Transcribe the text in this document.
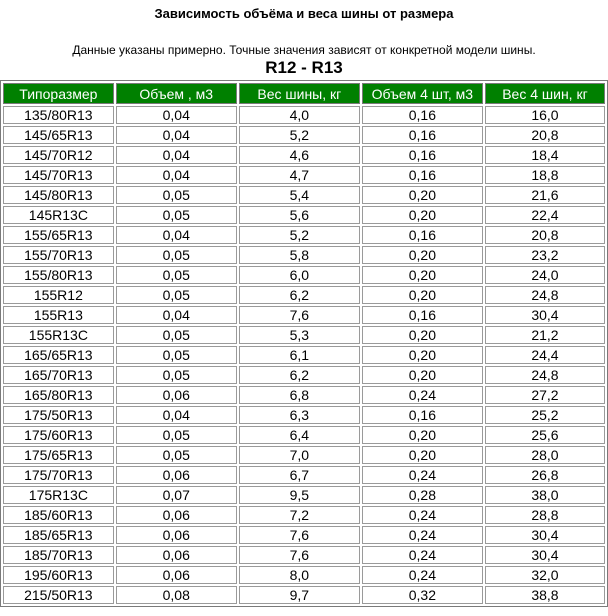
Зависимость объёма и веса шины от размера
Данные указаны примерно. Точные значения зависят от конкретной модели шины.
R12 - R13
Типоразмер	Объем , м3	Вес шины, кг	Объем 4 шт, м3	Вес 4 шин, кг
135/80R13	0,04	4,0	0,16	16,0
145/65R13	0,04	5,2	0,16	20,8
145/70R12	0,04	4,6	0,16	18,4
145/70R13	0,04	4,7	0,16	18,8
145/80R13	0,05	5,4	0,20	21,6
145R13C	0,05	5,6	0,20	22,4
155/65R13	0,04	5,2	0,16	20,8
155/70R13	0,05	5,8	0,20	23,2
155/80R13	0,05	6,0	0,20	24,0
155R12	0,05	6,2	0,20	24,8
155R13	0,04	7,6	0,16	30,4
155R13C	0,05	5,3	0,20	21,2
165/65R13	0,05	6,1	0,20	24,4
165/70R13	0,05	6,2	0,20	24,8
165/80R13	0,06	6,8	0,24	27,2
175/50R13	0,04	6,3	0,16	25,2
175/60R13	0,05	6,4	0,20	25,6
175/65R13	0,05	7,0	0,20	28,0
175/70R13	0,06	6,7	0,24	26,8
175R13C	0,07	9,5	0,28	38,0
185/60R13	0,06	7,2	0,24	28,8
185/65R13	0,06	7,6	0,24	30,4
185/70R13	0,06	7,6	0,24	30,4
195/60R13	0,06	8,0	0,24	32,0
215/50R13	0,08	9,7	0,32	38,8
